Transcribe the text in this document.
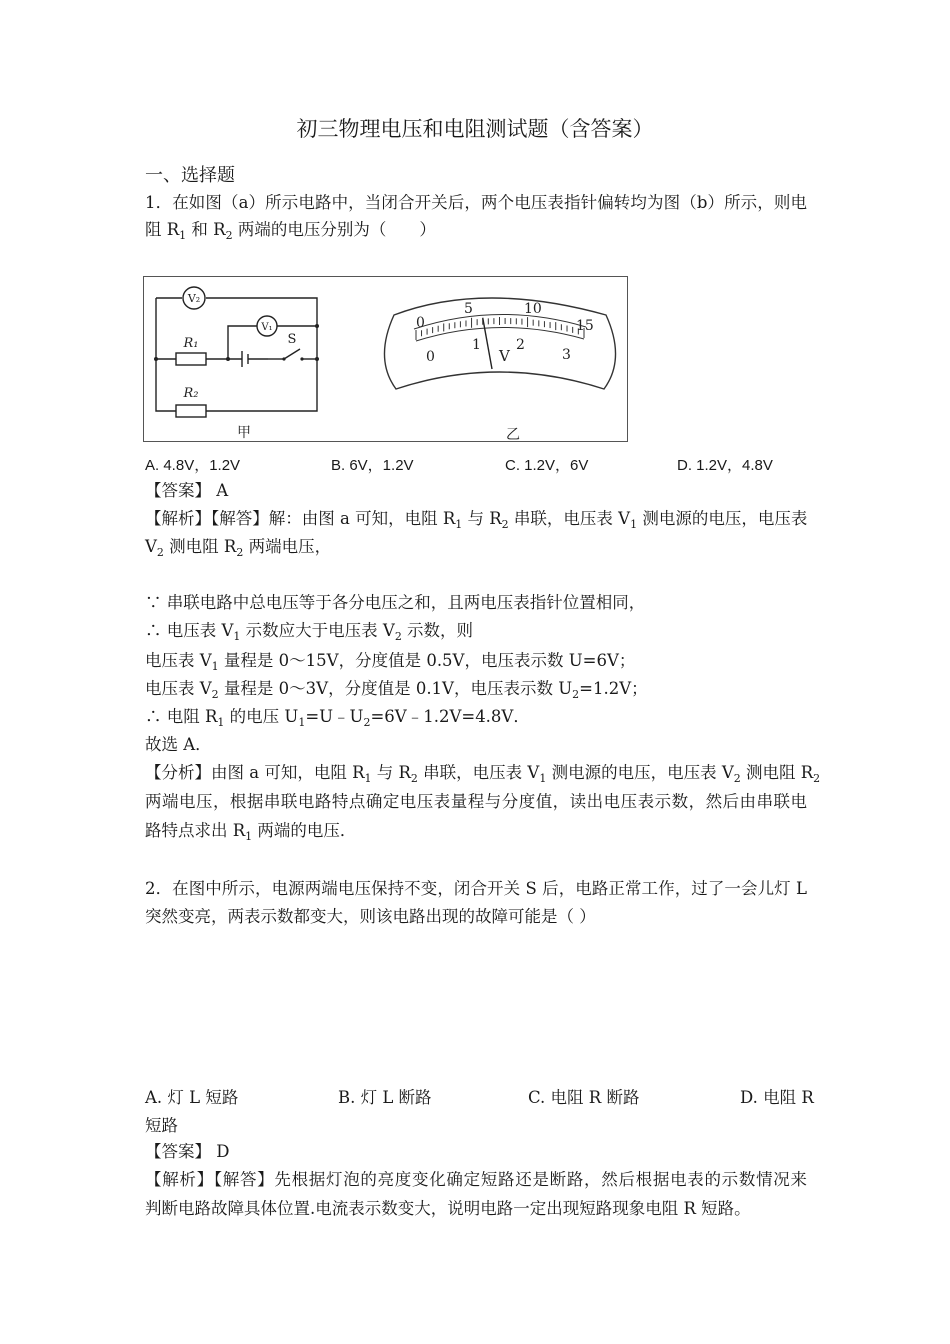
初三物理电压和电阻测试题（含答案）
一、选择题
1．在如图（a）所示电路中，当闭合开关后，两个电压表指针偏转均为图（b）所示，则电
阻 $R_1$ 和 $R_2$ 两端的电压分别为（　　）
V₂
V₁
R₁
R₂
S
甲
0
5	10
15
0
1	2
3
V
乙
A. 4.8V，1.2V	B. 6V，1.2V	C. 1.2V，6V	D. 1.2V，4.8V
【答案】 A
【解析】【解答】解：由图 a 可知，电阻 $R_1$ 与 $R_2$ 串联，电压表 $V_1$ 测电源的电压，电压表
$V_2$ 测电阻 $R_2$ 两端电压，
∵ 串联电路中总电压等于各分电压之和，且两电压表指针位置相同，
∴ 电压表 $V_1$ 示数应大于电压表 $V_2$ 示数，则
电压表 $V_1$ 量程是 0～15V，分度值是 0.5V，电压表示数 U=6V；
电压表 $V_2$ 量程是 0～3V，分度值是 0.1V，电压表示数 $U_2=1.2V$；
∴ 电阻 $R_1$ 的电压 $U_1=U﹣U_2=6V﹣1.2V=4.8V$．
故选 A．
【分析】由图 a 可知，电阻 $R_1$ 与 $R_2$ 串联，电压表 $V_1$ 测电源的电压，电压表 $V_2$ 测电阻 $R_2$
两端电压，根据串联电路特点确定电压表量程与分度值，读出电压表示数，然后由串联电
路特点求出 $R_1$ 两端的电压．
2．在图中所示，电源两端电压保持不变，闭合开关 S 后，电路正常工作，过了一会儿灯 L
突然变亮，两表示数都变大，则该电路出现的故障可能是（ ）
A. 灯 L 短路	B. 灯 L 断路	C. 电阻 R 断路	D. 电阻 R
短路
【答案】 D
【解析】【解答】先根据灯泡的亮度变化确定短路还是断路，然后根据电表的示数情况来
判断电路故障具体位置.电流表示数变大，说明电路一定出现短路现象电阻 R 短路。
